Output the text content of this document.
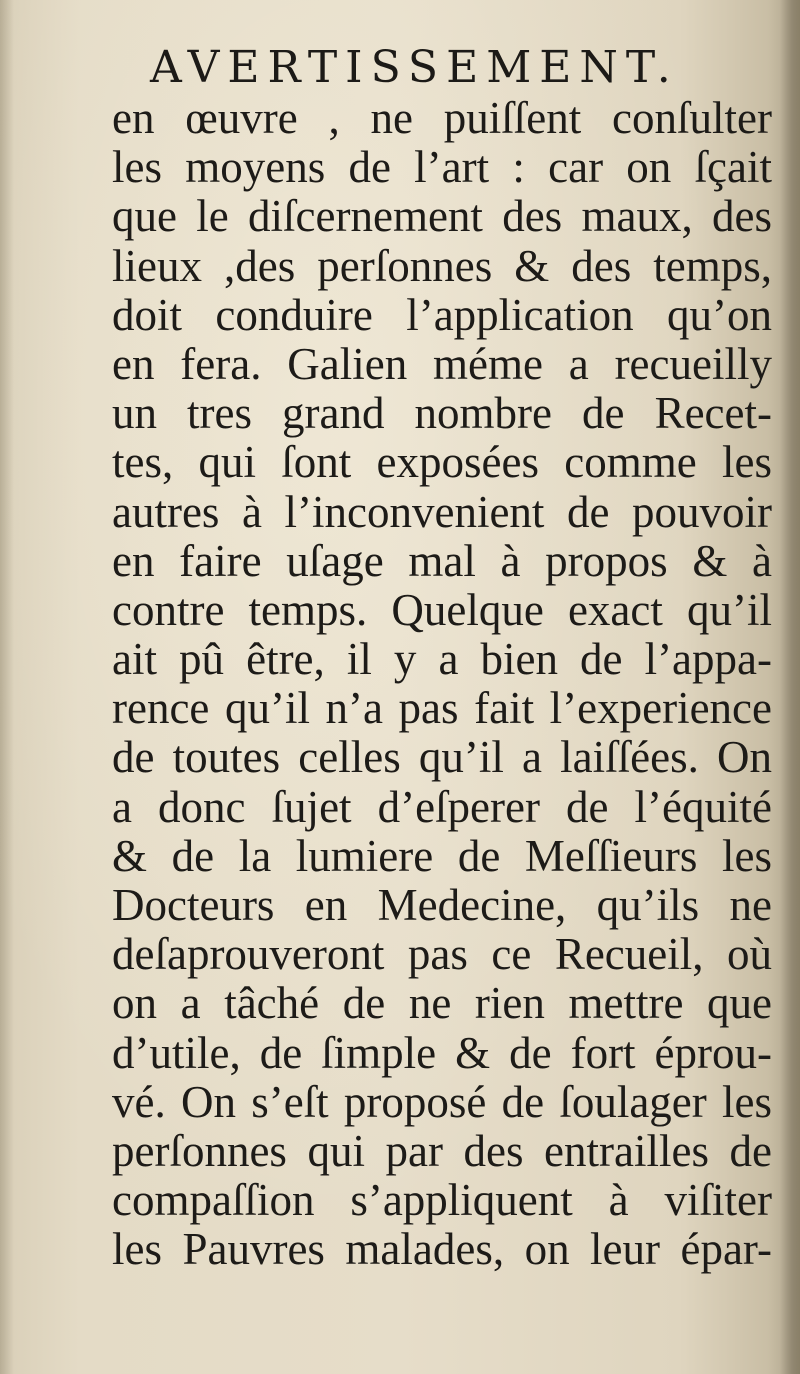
AVERTISSEMENT.
en œuvre , ne puiſſent conſulter
les moyens de l’art : car on ſçait
que le diſcernement des maux, des
lieux ,des perſonnes & des temps,
doit conduire l’application qu’on
en fera. Galien méme a recueilly
un tres grand nombre de Recet-
tes, qui ſont exposées comme les
autres à l’inconvenient de pouvoir
en faire uſage mal à propos & à
contre temps. Quelque exact qu’il
ait pû être, il y a bien de l’appa-
rence qu’il n’a pas fait l’experience
de toutes celles qu’il a laiſſées. On
a donc ſujet d’eſperer de l’équité
& de la lumiere de Meſſieurs les
Docteurs en Medecine, qu’ils ne
deſaprouveront pas ce Recueil, où
on a tâché de ne rien mettre que
d’utile, de ſimple & de fort éprou-
vé. On s’eſt proposé de ſoulager les
perſonnes qui par des entrailles de
compaſſion s’appliquent à viſiter
les Pauvres malades, on leur épar-
